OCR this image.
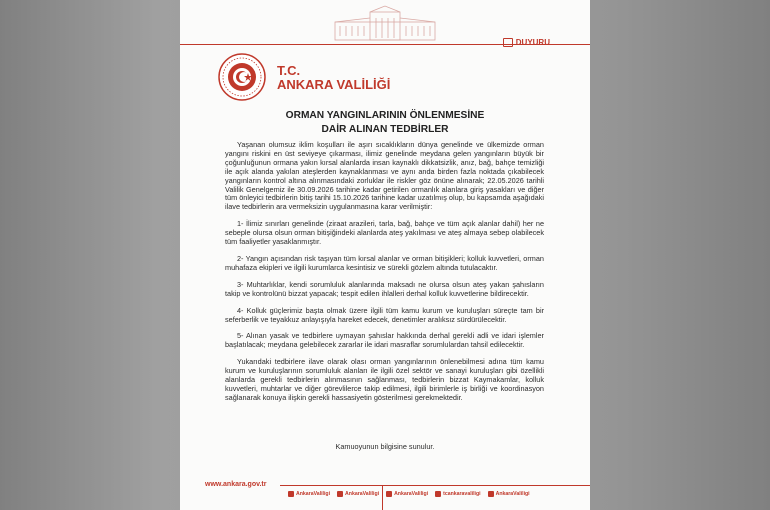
DUYURU
T.C.
ANKARA VALİLİĞİ
ORMAN YANGINLARININ ÖNLENMESİNE
DAİR ALINAN TEDBİRLER

Yaşanan olumsuz iklim koşulları ile aşırı sıcaklıkların dünya genelinde ve ülkemizde orman yangını riskini en üst seviyeye çıkarması, ilimiz genelinde meydana gelen yangınların büyük bir çoğunluğunun ormana yakın kırsal alanlarda insan kaynaklı dikkatsizlik, anız, bağ, bahçe temizliği ile açık alanda yakılan ateşlerden kaynaklanması ve aynı anda birden fazla noktada çıkabilecek yangınların kontrol altına alınmasındaki zorluklar ile riskler göz önüne alınarak; 22.05.2026 tarihli Valilik Genelgemiz ile 30.09.2026 tarihine kadar getirilen ormanlık alanlara giriş yasakları ve diğer tüm önleyici tedbirlerin bitiş tarihi 15.10.2026 tarihine kadar uzatılmış olup, bu kapsamda aşağıdaki ilave tedbirlerin ara vermeksizin uygulanmasına karar verilmiştir:

1- İlimiz sınırları genelinde (ziraat arazileri, tarla, bağ, bahçe ve tüm açık alanlar dahil) her ne sebeple olursa olsun orman bitişiğindeki alanlarda ateş yakılması ve ateş almaya sebep olabilecek tüm faaliyetler yasaklanmıştır.

2- Yangın açısından risk taşıyan tüm kırsal alanlar ve orman bitişikleri; kolluk kuvvetleri, orman muhafaza ekipleri ve ilgili kurumlarca kesintisiz ve sürekli gözlem altında tutulacaktır.

3- Muhtarlıklar, kendi sorumluluk alanlarında maksadı ne olursa olsun ateş yakan şahısların takip ve kontrolünü bizzat yapacak; tespit edilen ihlalleri derhal kolluk kuvvetlerine bildirecektir.

4- Kolluk güçlerimiz başta olmak üzere ilgili tüm kamu kurum ve kuruluşları süreçte tam bir seferberlik ve teyakkuz anlayışıyla hareket edecek, denetimler aralıksız sürdürülecektir.

5- Alınan yasak ve tedbirlere uymayan şahıslar hakkında derhal gerekli adli ve idari işlemler başlatılacak; meydana gelebilecek zararlar ile idari masraflar sorumlulardan tahsil edilecektir.

Yukarıdaki tedbirlere ilave olarak olası orman yangınlarının önlenebilmesi adına tüm kamu kurum ve kuruluşlarının sorumluluk alanları ile ilgili özel sektör ve sanayi kuruluşları gibi özellikli alanlarda gerekli tedbirlerin alınmasının sağlanması, tedbirlerin bizzat Kaymakamlar, kolluk kuvvetleri, muhtarlar ve diğer görevlilerce takip edilmesi, ilgili birimlerle iş birliği ve koordinasyon sağlanarak konuya ilişkin gerekli hassasiyetin gösterilmesi gerekmektedir.

Kamuoyunun bilgisine sunulur.
www.ankara.gov.tr
AnkaraValiligi	AnkaraValiligi	AnkaraValiligi	tcankaravaliligi	AnkaraValiligi
